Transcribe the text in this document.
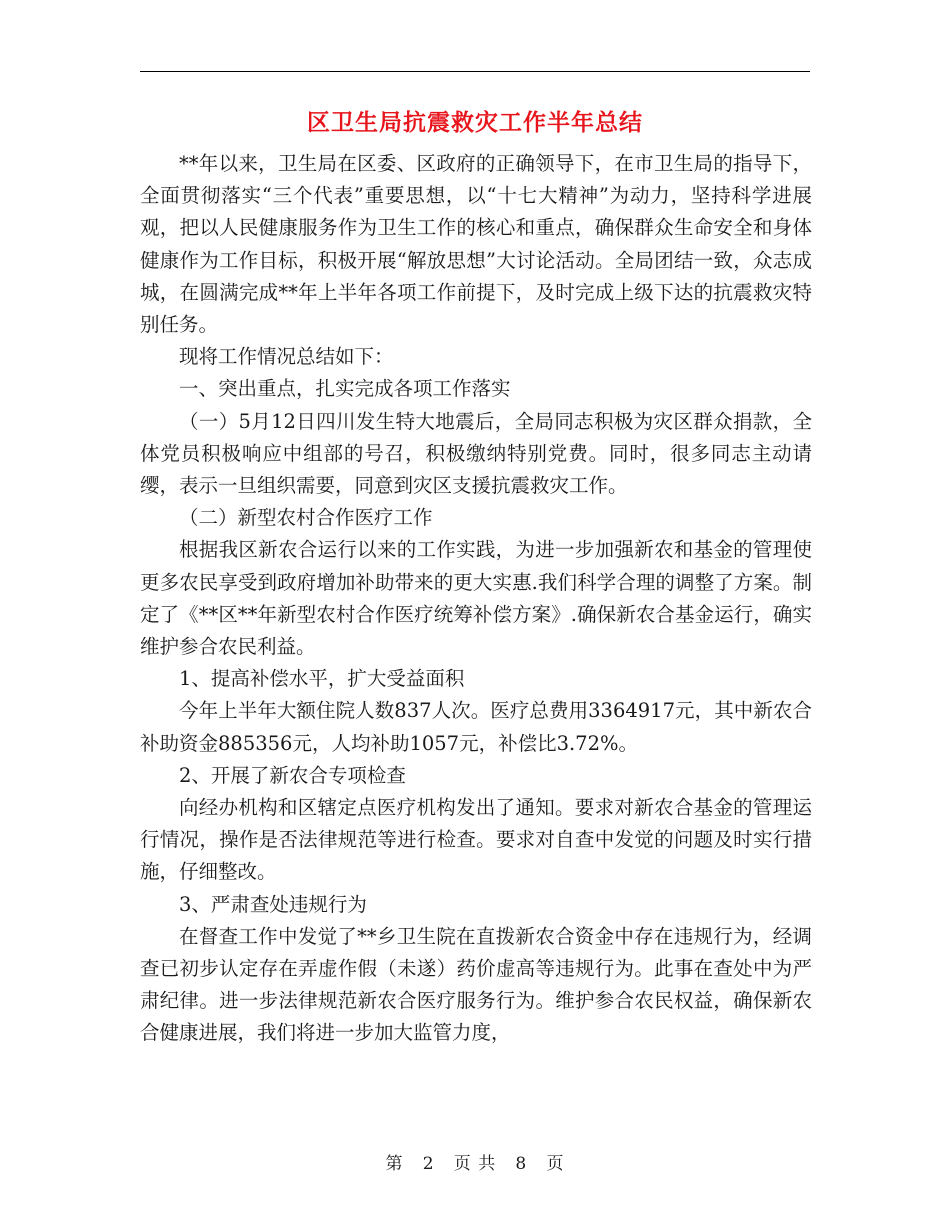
区卫生局抗震救灾工作半年总结

**年以来，卫生局在区委、区政府的正确领导下，在市卫生局的指导下，全面贯彻落实“三个代表”重要思想，以“十七大精神”为动力，坚持科学进展观，把以人民健康服务作为卫生工作的核心和重点，确保群众生命安全和身体健康作为工作目标，积极开展“解放思想”大讨论活动。全局团结一致，众志成城，在圆满完成**年上半年各项工作前提下，及时完成上级下达的抗震救灾特别任务。

现将工作情况总结如下：

一、突出重点，扎实完成各项工作落实

（一）5月12日四川发生特大地震后，全局同志积极为灾区群众捐款，全体党员积极响应中组部的号召，积极缴纳特别党费。同时，很多同志主动请缨，表示一旦组织需要，同意到灾区支援抗震救灾工作。

（二）新型农村合作医疗工作

根据我区新农合运行以来的工作实践，为进一步加强新农和基金的管理使更多农民享受到政府增加补助带来的更大实惠.我们科学合理的调整了方案。制定了《**区**年新型农村合作医疗统筹补偿方案》.确保新农合基金运行，确实维护参合农民利益。

1、提高补偿水平，扩大受益面积

今年上半年大额住院人数837人次。医疗总费用3364917元，其中新农合补助资金885356元，人均补助1057元，补偿比3.72%。

2、开展了新农合专项检查

向经办机构和区辖定点医疗机构发出了通知。要求对新农合基金的管理运行情况，操作是否法律规范等进行检查。要求对自查中发觉的问题及时实行措施，仔细整改。

3、严肃查处违规行为

在督查工作中发觉了**乡卫生院在直拨新农合资金中存在违规行为，经调查已初步认定存在弄虚作假（未遂）药价虚高等违规行为。此事在查处中为严肃纪律。进一步法律规范新农合医疗服务行为。维护参合农民权益，确保新农合健康进展，我们将进一步加大监管力度，

第 2 页 共 8 页
